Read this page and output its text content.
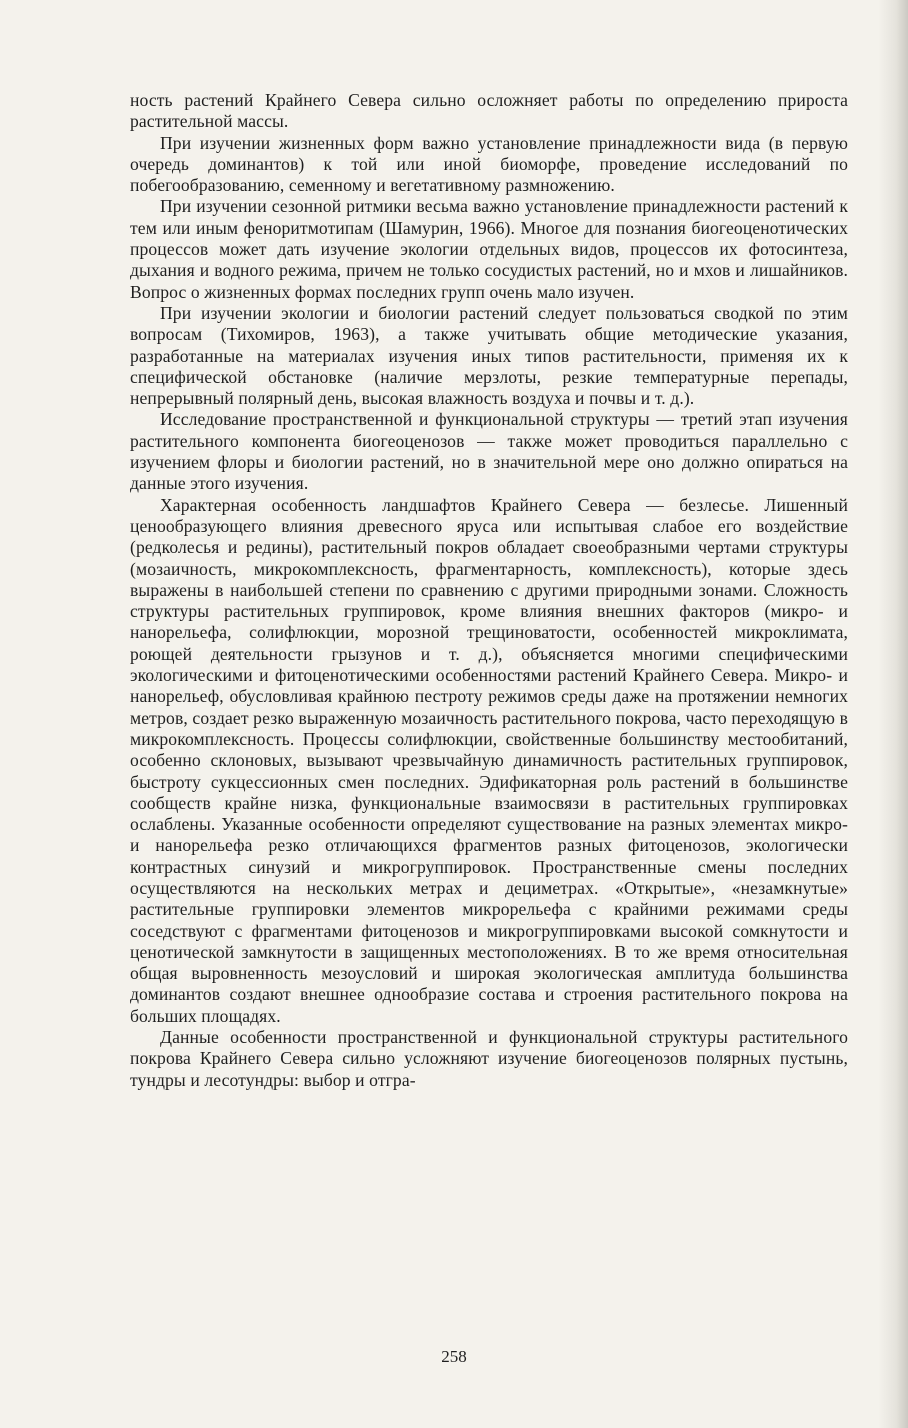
ность растений Крайнего Севера сильно осложняет работы по определению прироста растительной массы.

При изучении жизненных форм важно установление принадлежности вида (в первую очередь доминантов) к той или иной биоморфе, проведение исследований по побегообразованию, семенному и вегетативному размножению.

При изучении сезонной ритмики весьма важно установление принадлежности растений к тем или иным феноритмотипам (Шамурин, 1966). Многое для познания биогеоценотических процессов может дать изучение экологии отдельных видов, процессов их фотосинтеза, дыхания и водного режима, причем не только сосудистых растений, но и мхов и лишайников. Вопрос о жизненных формах последних групп очень мало изучен.

При изучении экологии и биологии растений следует пользоваться сводкой по этим вопросам (Тихомиров, 1963), а также учитывать общие методические указания, разработанные на материалах изучения иных типов растительности, применяя их к специфической обстановке (наличие мерзлоты, резкие температурные перепады, непрерывный полярный день, высокая влажность воздуха и почвы и т. д.).

Исследование пространственной и функциональной структуры — третий этап изучения растительного компонента биогеоценозов — также может проводиться параллельно с изучением флоры и биологии растений, но в значительной мере оно должно опираться на данные этого изучения.

Характерная особенность ландшафтов Крайнего Севера — безлесье. Лишенный ценообразующего влияния древесного яруса или испытывая слабое его воздействие (редколесья и редины), растительный покров обладает своеобразными чертами структуры (мозаичность, микрокомплексность, фрагментарность, комплексность), которые здесь выражены в наибольшей степени по сравнению с другими природными зонами. Сложность структуры растительных группировок, кроме влияния внешних факторов (микро- и нанорельефа, солифлюкции, морозной трещиноватости, особенностей микроклимата, роющей деятельности грызунов и т. д.), объясняется многими специфическими экологическими и фитоценотическими особенностями растений Крайнего Севера. Микро- и нанорельеф, обусловливая крайнюю пестроту режимов среды даже на протяжении немногих метров, создает резко выраженную мозаичность растительного покрова, часто переходящую в микрокомплексность. Процессы солифлюкции, свойственные большинству местообитаний, особенно склоновых, вызывают чрезвычайную динамичность растительных группировок, быстроту сукцессионных смен последних. Эдификаторная роль растений в большинстве сообществ крайне низка, функциональные взаимосвязи в растительных группировках ослаблены. Указанные особенности определяют существование на разных элементах микро- и нанорельефа резко отличающихся фрагментов разных фитоценозов, экологически контрастных синузий и микрогруппировок. Пространственные смены последних осуществляются на нескольких метрах и дециметрах. «Открытые», «незамкнутые» растительные группировки элементов микрорельефа с крайними режимами среды соседствуют с фрагментами фитоценозов и микрогруппировками высокой сомкнутости и ценотической замкнутости в защищенных местоположениях. В то же время относительная общая выровненность мезоусловий и широкая экологическая амплитуда большинства доминантов создают внешнее однообразие состава и строения растительного покрова на больших площадях.

Данные особенности пространственной и функциональной структуры растительного покрова Крайнего Севера сильно усложняют изучение биогеоценозов полярных пустынь, тундры и лесотундры: выбор и отгра-

258
